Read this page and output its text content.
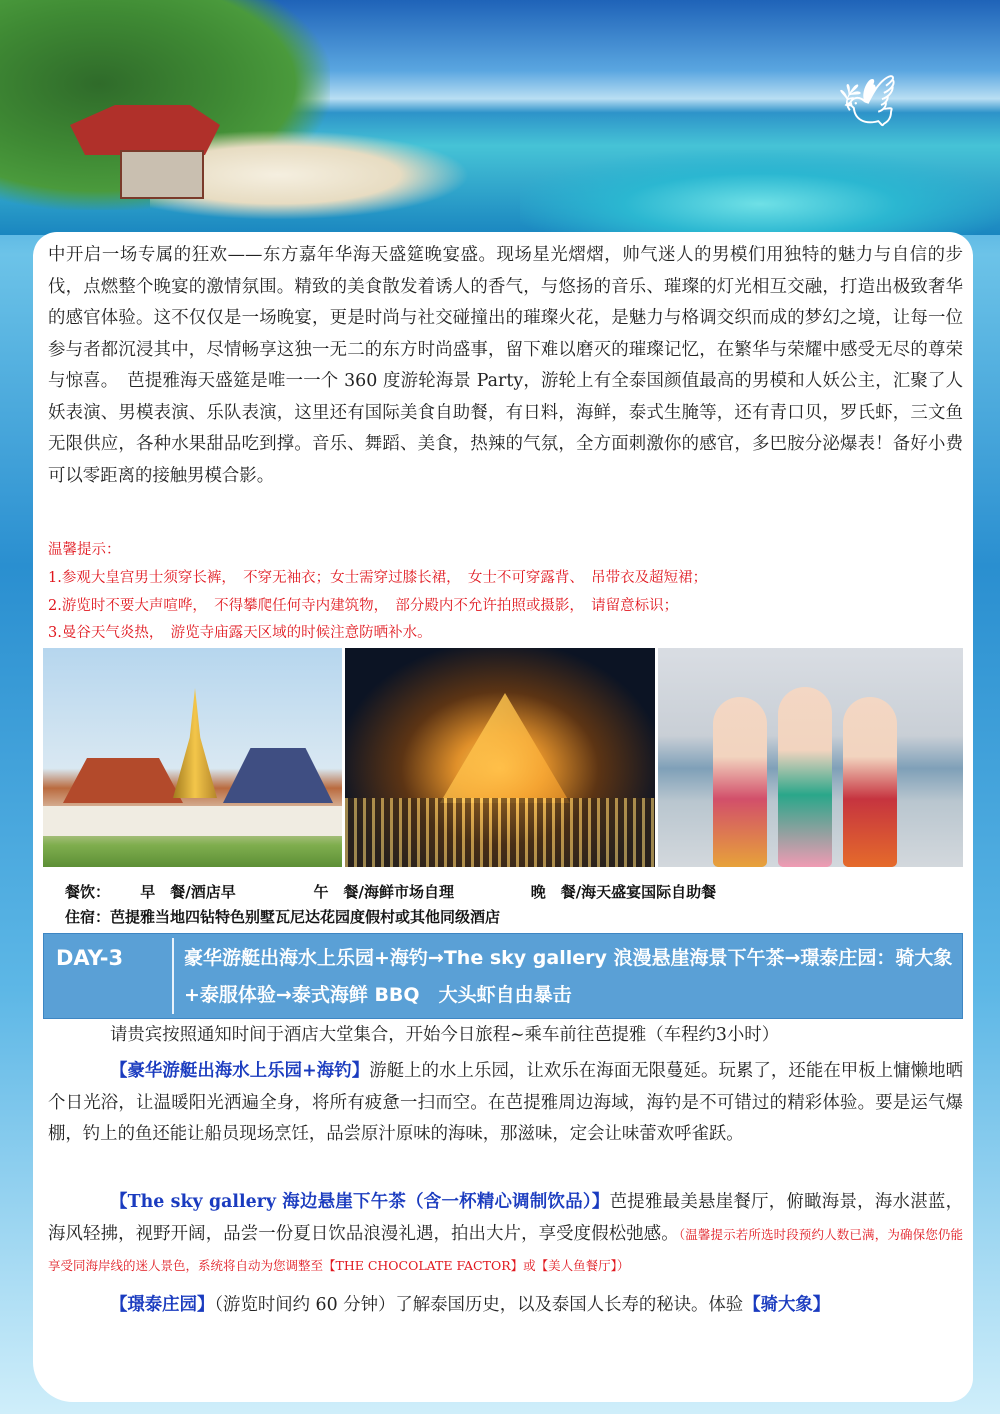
🕊

中开启一场专属的狂欢——东方嘉年华海天盛筵晚宴盛。现场星光熠熠，帅气迷人的男模们用独特的魅力与自信的步伐，点燃整个晚宴的激情氛围。精致的美食散发着诱人的香气，与悠扬的音乐、璀璨的灯光相互交融，打造出极致奢华的感官体验。这不仅仅是一场晚宴，更是时尚与社交碰撞出的璀璨火花，是魅力与格调交织而成的梦幻之境，让每一位参与者都沉浸其中，尽情畅享这独一无二的东方时尚盛事，留下难以磨灭的璀璨记忆，在繁华与荣耀中感受无尽的尊荣与惊喜。　芭提雅海天盛筵是唯一一个 360 度游轮海景 Party，游轮上有全泰国颜值最高的男模和人妖公主，汇聚了人妖表演、男模表演、乐队表演，这里还有国际美食自助餐，有日料，海鲜，泰式生腌等，还有青口贝，罗氏虾，三文鱼无限供应，各种水果甜品吃到撑。音乐、舞蹈、美食，热辣的气氛，全方面刺激你的感官，多巴胺分泌爆表！备好小费可以零距离的接触男模合影。

温馨提示：

1.参观大皇宫男士须穿长裤，　不穿无袖衣；女士需穿过膝长裙，　女士不可穿露背、　吊带衣及超短裙；

2.游览时不要大声喧哗，　不得攀爬任何寺内建筑物，　部分殿内不允许拍照或摄影，　请留意标识；

3.曼谷天气炎热，　游览寺庙露天区域的时候注意防晒补水。

餐饮： 早　餐/酒店早	午　餐/海鲜市场自理	晚　餐/海天盛宴国际自助餐

住宿：芭提雅当地四钻特色别墅瓦尼达花园度假村或其他同级酒店

DAY-3	豪华游艇出海水上乐园+海钓→The sky gallery 浪漫悬崖海景下午茶→璟泰庄园：骑大象+泰服体验→泰式海鲜 BBQ　大头虾自由暴击

请贵宾按照通知时间于酒店大堂集合，开始今日旅程~乘车前往芭提雅（车程约3小时）

【豪华游艇出海水上乐园+海钓】游艇上的水上乐园，让欢乐在海面无限蔓延。玩累了，还能在甲板上慵懒地晒个日光浴，让温暖阳光洒遍全身，将所有疲惫一扫而空。在芭提雅周边海域，海钓是不可错过的精彩体验。要是运气爆棚，钓上的鱼还能让船员现场烹饪，品尝原汁原味的海味，那滋味，定会让味蕾欢呼雀跃。

【The sky gallery 海边悬崖下午茶（含一杯精心调制饮品）】芭提雅最美悬崖餐厅，俯瞰海景，海水湛蓝，海风轻拂，视野开阔，品尝一份夏日饮品浪漫礼遇，拍出大片，享受度假松弛感。（温馨提示若所选时段预约人数已满，为确保您仍能享受同海岸线的迷人景色，系统将自动为您调整至【THE CHOCOLATE FACTOR】或【美人鱼餐厅】）

【璟泰庄园】（游览时间约 60 分钟）了解泰国历史，以及泰国人长寿的秘诀。体验【骑大象】
